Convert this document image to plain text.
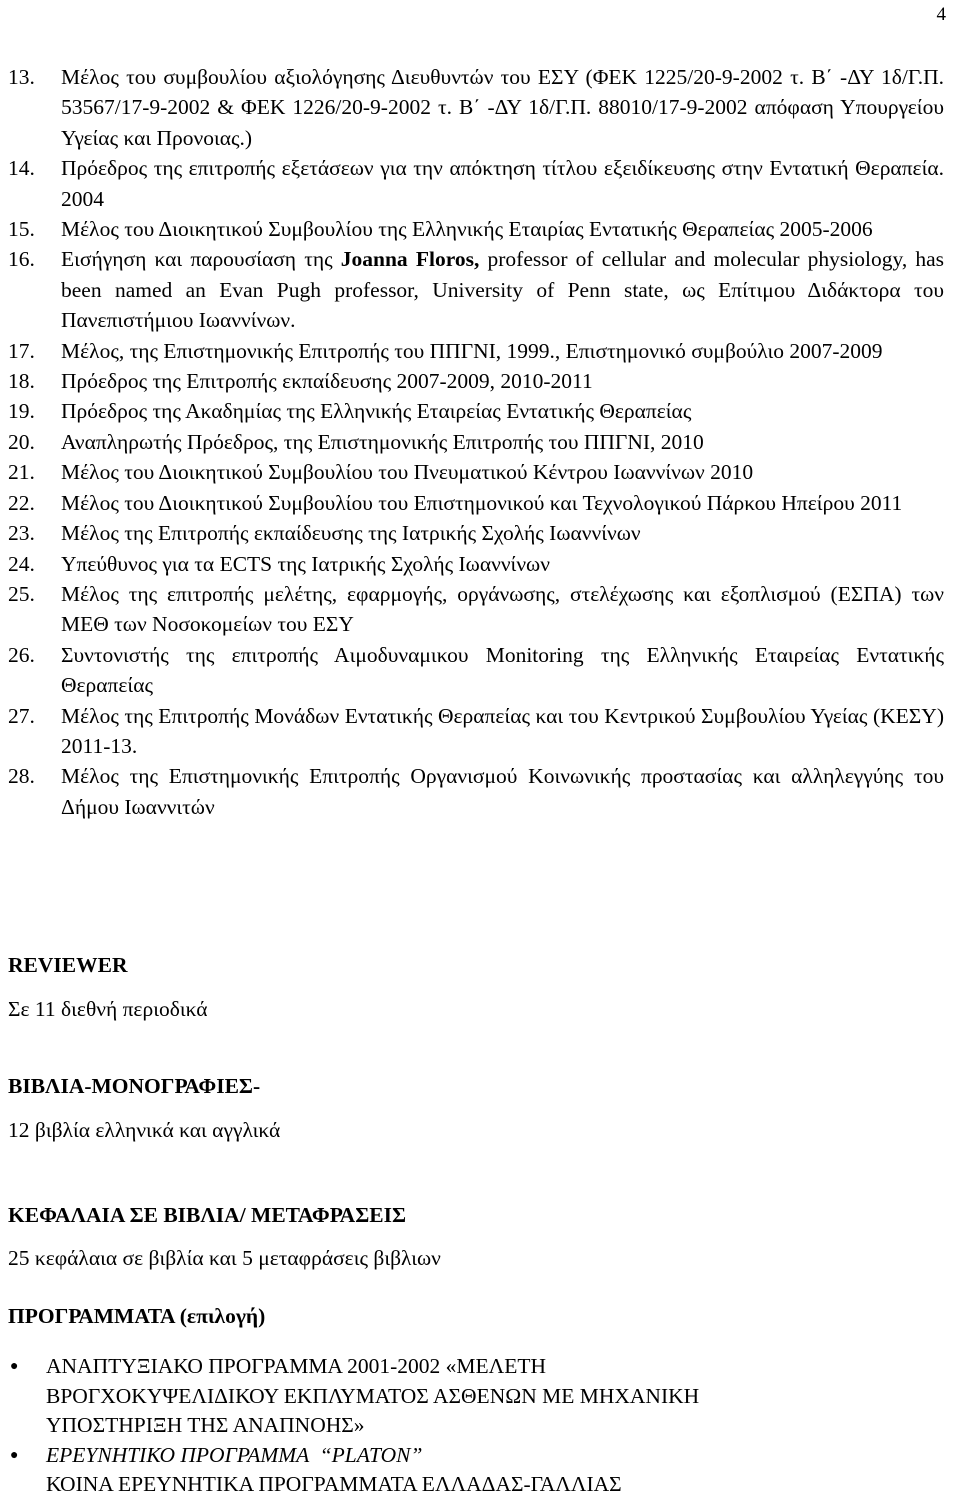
4
13.	Μέλος του συμβουλίου αξιολόγησης Διευθυντών του ΕΣΥ (ΦΕΚ 1225/20-9-2002 τ. Β΄ -ΔΥ 1δ/Γ.Π. 53567/17-9-2002 & ΦΕΚ 1226/20-9-2002 τ. Β΄ -ΔΥ 1δ/Γ.Π. 88010/17-9-2002 απόφαση Υπουργείου Υγείας και Προνοιας.)
14.	Πρόεδρος της επιτροπής εξετάσεων για την απόκτηση τίτλου εξειδίκευσης στην Εντατική Θεραπεία. 2004
15.	Μέλος του Διοικητικού Συμβουλίου της Ελληνικής Εταιρίας Εντατικής Θεραπείας 2005-2006
16.	Εισήγηση και παρουσίαση της Joanna Floros, professor of cellular and molecular physiology, has been named an Evan Pugh professor, University of Penn state, ως Επίτιμου Διδάκτορα του Πανεπιστήμιου Ιωαννίνων.
17.	Μέλος, της Επιστημονικής Επιτροπής του ΠΠΓΝΙ, 1999., Επιστημονικό συμβούλιο 2007-2009
18.	Πρόεδρος της Επιτροπής εκπαίδευσης 2007-2009, 2010-2011
19.	Πρόεδρος της Ακαδημίας της Ελληνικής Εταιρείας Εντατικής Θεραπείας
20.	Αναπληρωτής Πρόεδρος, της Επιστημονικής Επιτροπής του ΠΠΓΝΙ, 2010
21.	Μέλος του Διοικητικού Συμβουλίου του Πνευματικού Κέντρου Ιωαννίνων 2010
22.	Μέλος του Διοικητικού Συμβουλίου του Επιστημονικού και Τεχνολογικού Πάρκου Ηπείρου 2011
23.	Μέλος της Επιτροπής εκπαίδευσης της Ιατρικής Σχολής Ιωαννίνων
24.	Υπεύθυνος για τα ECTS της Ιατρικής Σχολής Ιωαννίνων
25.	Μέλος της επιτροπής μελέτης, εφαρμογής, οργάνωσης, στελέχωσης και εξοπλισμού (ΕΣΠΑ) των ΜΕΘ των Νοσοκομείων του ΕΣΥ
26.	Συντονιστής της επιτροπής Αιμοδυναμικου Monitoring της Ελληνικής Εταιρείας Εντατικής Θεραπείας
27.	Μέλος της Επιτροπής Μονάδων Εντατικής Θεραπείας και του Κεντρικού Συμβουλίου Υγείας (ΚΕΣΥ) 2011-13.
28.	Μέλος της Επιστημονικής Επιτροπής Οργανισμού Κοινωνικής προστασίας και αλληλεγγύης του Δήμου Ιωαννιτών
REVIEWER
Σε 11 διεθνή περιοδικά
ΒΙΒΛΙΑ-ΜΟΝΟΓΡΑΦΙΕΣ-
12 βιβλία ελληνικά και αγγλικά
ΚΕΦΑΛΑΙΑ ΣΕ ΒΙΒΛΙΑ/ ΜΕΤΑΦΡΑΣΕΙΣ
25 κεφάλαια σε βιβλία και 5 μεταφράσεις βιβλιων
ΠΡΟΓΡΑΜΜΑΤΑ (επιλογή)
●	ΑΝΑΠΤΥΞΙΑΚΟ ΠΡΟΓΡΑΜΜΑ 2001-2002 «ΜΕΛΕΤΗ
ΒΡΟΓΧΟΚΥΨΕΛΙΔΙΚΟΥ ΕΚΠΛΥΜΑΤΟΣ ΑΣΘΕΝΩΝ ΜΕ ΜΗΧΑΝΙΚΗ
ΥΠΟΣΤΗΡΙΞΗ ΤΗΣ ΑΝΑΠΝΟΗΣ»
●	ΕΡΕΥΝΗΤΙΚΟ ΠΡΟΓΡΑΜΜΑ  “PLATON”
ΚΟΙΝΑ ΕΡΕΥΝΗΤΙΚΑ ΠΡΟΓΡΑΜΜΑΤΑ ΕΛΛΑΔΑΣ-ΓΑΛΛΙΑΣ
